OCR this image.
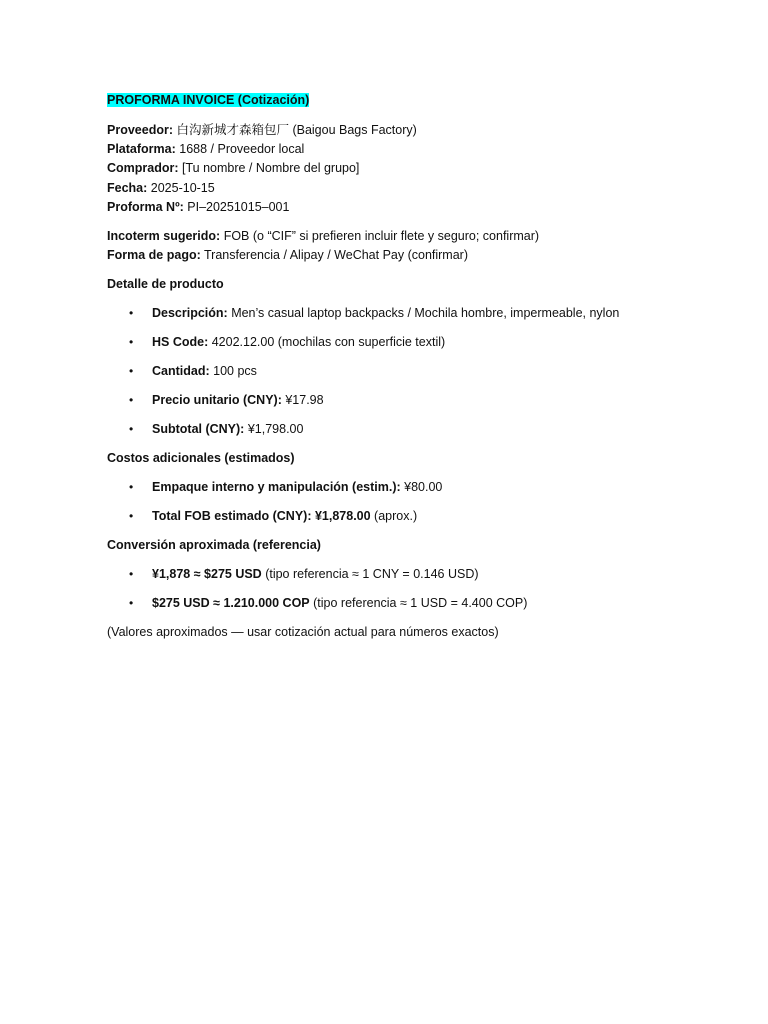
PROFORMA INVOICE (Cotización)
Proveedor: 白沟新城才森箱包厂 (Baigou Bags Factory)
Plataforma: 1688 / Proveedor local
Comprador: [Tu nombre / Nombre del grupo]
Fecha: 2025-10-15
Proforma Nº: PI–20251015–001
Incoterm sugerido: FOB (o “CIF” si prefieren incluir flete y seguro; confirmar)
Forma de pago: Transferencia / Alipay / WeChat Pay (confirmar)
Detalle de producto
• Descripción: Men’s casual laptop backpacks / Mochila hombre, impermeable, nylon
• HS Code: 4202.12.00 (mochilas con superficie textil)
• Cantidad: 100 pcs
• Precio unitario (CNY): ¥17.98
• Subtotal (CNY): ¥1,798.00
Costos adicionales (estimados)
• Empaque interno y manipulación (estim.): ¥80.00
• Total FOB estimado (CNY): ¥1,878.00 (aprox.)
Conversión aproximada (referencia)
• ¥1,878 ≈ $275 USD (tipo referencia ≈ 1 CNY = 0.146 USD)
• $275 USD ≈ 1.210.000 COP (tipo referencia ≈ 1 USD = 4.400 COP)
(Valores aproximados — usar cotización actual para números exactos)
